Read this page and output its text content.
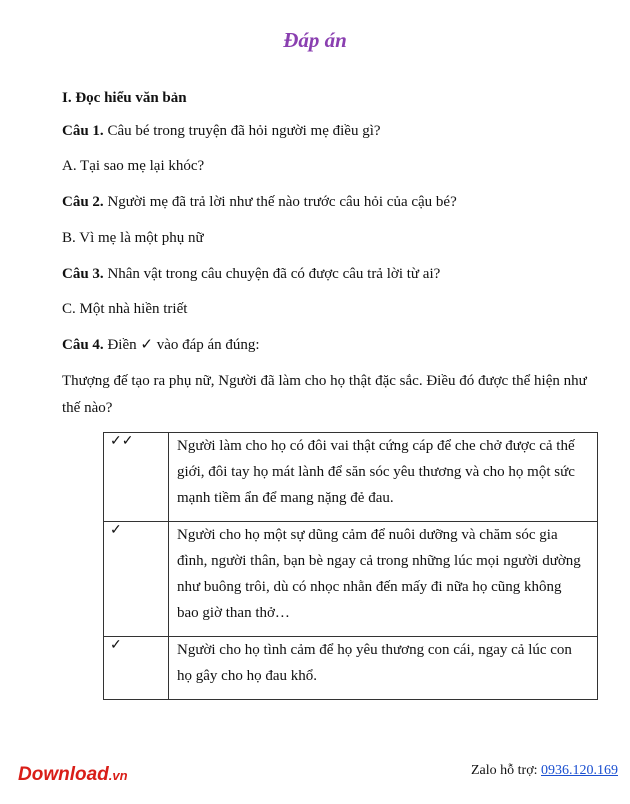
Đáp án
I. Đọc hiểu văn bản
Câu 1. Câu bé trong truyện đã hỏi người mẹ điều gì?
A. Tại sao mẹ lại khóc?
Câu 2. Người mẹ đã trả lời như thế nào trước câu hỏi của cậu bé?
B. Vì mẹ là một phụ nữ
Câu 3. Nhân vật trong câu chuyện đã có được câu trả lời từ ai?
C. Một nhà hiền triết
Câu 4. Điền ✓ vào đáp án đúng:
Thượng đế tạo ra phụ nữ, Người đã làm cho họ thật đặc sắc. Điều đó được thể hiện như thế nào?
✓✓	Người làm cho họ có đôi vai thật cứng cáp để che chở được cả thế giới, đôi tay họ mát lành để săn sóc yêu thương và cho họ một sức mạnh tiềm ẩn để mang nặng đẻ đau.
✓	Người cho họ một sự dũng cảm để nuôi dưỡng và chăm sóc gia đình, người thân, bạn bè ngay cả trong những lúc mọi người dường như buông trôi, dù có nhọc nhằn đến mấy đi nữa họ cũng không bao giờ than thở…
✓	Người cho họ tình cảm để họ yêu thương con cái, ngay cả lúc con họ gây cho họ đau khổ.
Download.vn	Zalo hỗ trợ: 0936.120.169
